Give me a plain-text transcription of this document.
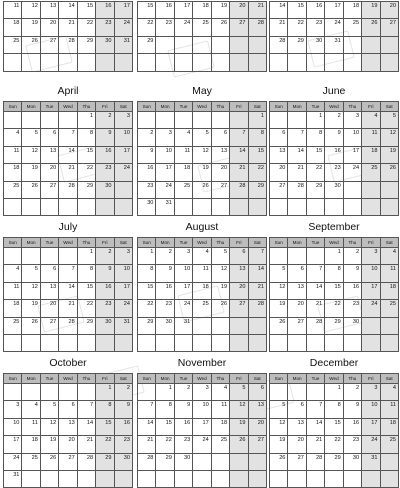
11	12	13	14	15	16	17
18	19	20	21	22	23	24
25	26	27	28	29	30	31

15	16	17	18	19	20	21
22	23	24	25	26	27	28
29						

14	15	16	17	18	19	20
21	22	23	24	25	26	27
28	29	30	31			

April
Sun	Mon	Tue	Wed	Thu	Fri	Sat
				1	2	3
4	5	6	7	8	9	10
11	12	13	14	15	16	17
18	19	20	21	22	23	24
25	26	27	28	29	30	

May
Sun	Mon	Tue	Wed	Thu	Fri	Sat
						1
2	3	4	5	6	7	8
9	10	11	12	13	14	15
16	17	18	19	20	21	22
23	24	25	26	27	28	29
30	31					
June
Sun	Mon	Tue	Wed	Thu	Fri	Sat
		1	2	3	4	5
6	7	8	9	10	11	12
13	14	15	16	17	18	19
20	21	22	23	24	25	26
27	28	29	30			

July
Sun	Mon	Tue	Wed	Thu	Fri	Sat
				1	2	3
4	5	6	7	8	9	10
11	12	13	14	15	16	17
18	19	20	21	22	23	24
25	26	27	28	29	30	31

August
Sun	Mon	Tue	Wed	Thu	Fri	Sat
1	2	3	4	5	6	7
8	9	10	11	12	13	14
15	16	17	18	19	20	21
22	23	24	25	26	27	28
29	30	31				

September
Sun	Mon	Tue	Wed	Thu	Fri	Sat
			1	2	3	4
5	6	7	8	9	10	11
12	13	14	15	16	17	18
19	20	21	22	23	24	25
26	27	28	29	30		

October
Sun	Mon	Tue	Wed	Thu	Fri	Sat
					1	2
3	4	5	6	7	8	9
10	11	12	13	14	15	16
17	18	19	20	21	22	23
24	25	26	27	28	29	30
31						
November
Sun	Mon	Tue	Wed	Thu	Fri	Sat
	1	2	3	4	5	6
7	8	9	10	11	12	13
14	15	16	17	18	19	20
21	22	23	24	25	26	27
28	29	30				

December
Sun	Mon	Tue	Wed	Thu	Fri	Sat
			1	2	3	4
5	6	7	8	9	10	11
12	13	14	15	16	17	18
19	20	21	22	23	24	25
26	27	28	29	30	31	
